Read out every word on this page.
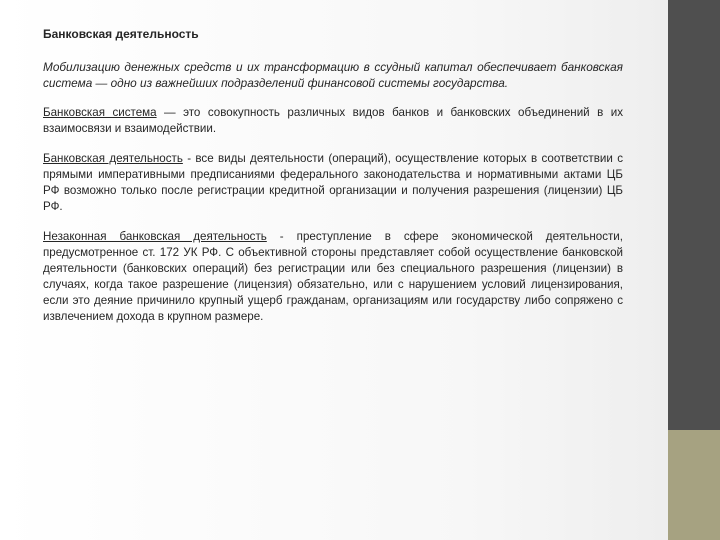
Банковская деятельность
Мобилизацию денежных средств и их трансформацию в ссудный капитал обеспечивает банковская система — одно из важнейших подразделений финансовой системы государства.
Банковская система — это совокупность различных видов банков и банковских объединений в их взаимосвязи и взаимодействии.
Банковская деятельность - все виды деятельности (операций), осуществление которых в соответствии с прямыми императивными предписаниями федерального законодательства и нормативными актами ЦБ РФ возможно только после регистрации кредитной организации и получения разрешения (лицензии) ЦБ РФ.
Незаконная банковская деятельность - преступление в сфере экономической деятельности, предусмотренное ст. 172 УК РФ. С объективной стороны представляет собой осуществление банковской деятельности (банковских операций) без регистрации или без специального разрешения (лицензии) в случаях, когда такое разрешение (лицензия) обязательно, или с нарушением условий лицензирования, если это деяние причинило крупный ущерб гражданам, организациям или государству либо сопряжено с извлечением дохода в крупном размере.
